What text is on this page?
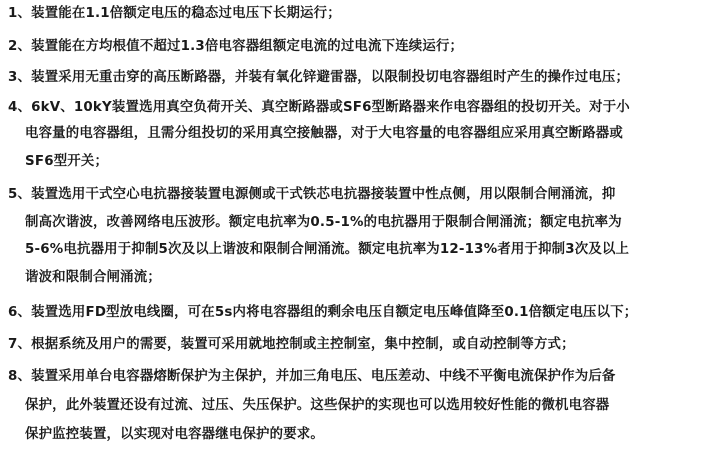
1、装置能在1.1倍额定电压的稳态过电压下长期运行；
2、装置能在方均根值不超过1.3倍电容器组额定电流的过电流下连续运行；
3、装置采用无重击穿的高压断路器，并装有氧化锌避雷器，以限制投切电容器组时产生的操作过电压；
4、6kV、10kY装置选用真空负荷开关、真空断路器或SF6型断路器来作电容器组的投切开关。对于小
电容量的电容器组，且需分组投切的采用真空接触器，对于大电容量的电容器组应采用真空断路器或
SF6型开关；
5、装置选用干式空心电抗器接装置电源侧或干式铁芯电抗器接装置中性点侧，用以限制合闸涌流，抑
制高次谐波，改善网络电压波形。额定电抗率为0.5-1%的电抗器用于限制合闸涌流；额定电抗率为
5-6%电抗器用于抑制5次及以上谐波和限制合闸涌流。额定电抗率为12-13%者用于抑制3次及以上
谐波和限制合闸涌流；
6、装置选用FD型放电线圈，可在5s内将电容器组的剩余电压自额定电压峰值降至0.1倍额定电压以下；
7、根据系统及用户的需要，装置可采用就地控制或主控制室，集中控制，或自动控制等方式；
8、装置采用单台电容器熔断保护为主保护，并加三角电压、电压差动、中线不平衡电流保护作为后备
保护，此外装置还设有过流、过压、失压保护。这些保护的实现也可以选用较好性能的微机电容器
保护监控装置，以实现对电容器继电保护的要求。
